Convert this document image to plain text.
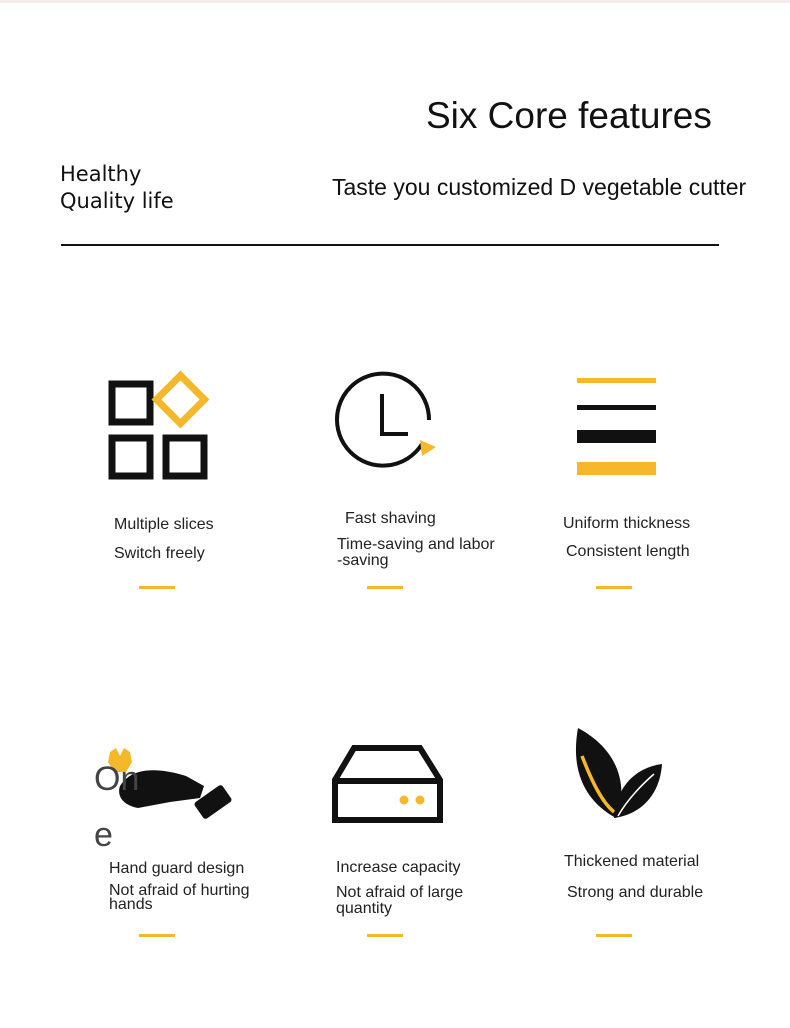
Six Core features
Healthy
Quality life
Taste you customized D vegetable cutter
Multiple slices
Switch freely
Fast shaving
Time-saving and labor
-saving
Uniform thickness
Consistent length
On
e
Hand guard design
Not afraid of hurting
hands
Increase capacity
Not afraid of large
quantity
Thickened material
Strong and durable
